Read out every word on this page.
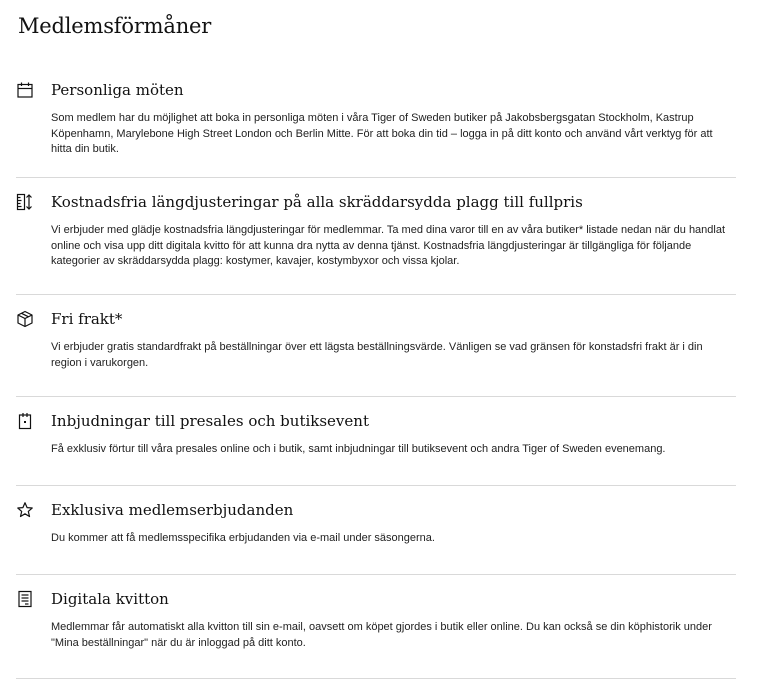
Medlemsförmåner
Personliga möten

Som medlem har du möjlighet att boka in personliga möten i våra Tiger of Sweden butiker på Jakobsbergsgatan Stockholm, Kastrup Köpenhamn, Marylebone High Street London och Berlin Mitte. För att boka din tid – logga in på ditt konto och använd vårt verktyg för att hitta din butik.

Kostnadsfria längdjusteringar på alla skräddarsydda plagg till fullpris

Vi erbjuder med glädje kostnadsfria längdjusteringar för medlemmar. Ta med dina varor till en av våra butiker* listade nedan när du handlat online och visa upp ditt digitala kvitto för att kunna dra nytta av denna tjänst. Kostnadsfria längdjusteringar är tillgängliga för följande kategorier av skräddarsydda plagg: kostymer, kavajer, kostymbyxor och vissa kjolar.

Fri frakt*

Vi erbjuder gratis standardfrakt på beställningar över ett lägsta beställningsvärde. Vänligen se vad gränsen för konstadsfri frakt är i din region i varukorgen.

Inbjudningar till presales och butiksevent

Få exklusiv förtur till våra presales online och i butik, samt inbjudningar till butiksevent och andra Tiger of Sweden evenemang.

Exklusiva medlemserbjudanden

Du kommer att få medlemsspecifika erbjudanden via e-mail under säsongerna.

Digitala kvitton

Medlemmar får automatiskt alla kvitton till sin e-mail, oavsett om köpet gjordes i butik eller online. Du kan också se din köphistorik under "Mina beställningar" när du är inloggad på ditt konto.
